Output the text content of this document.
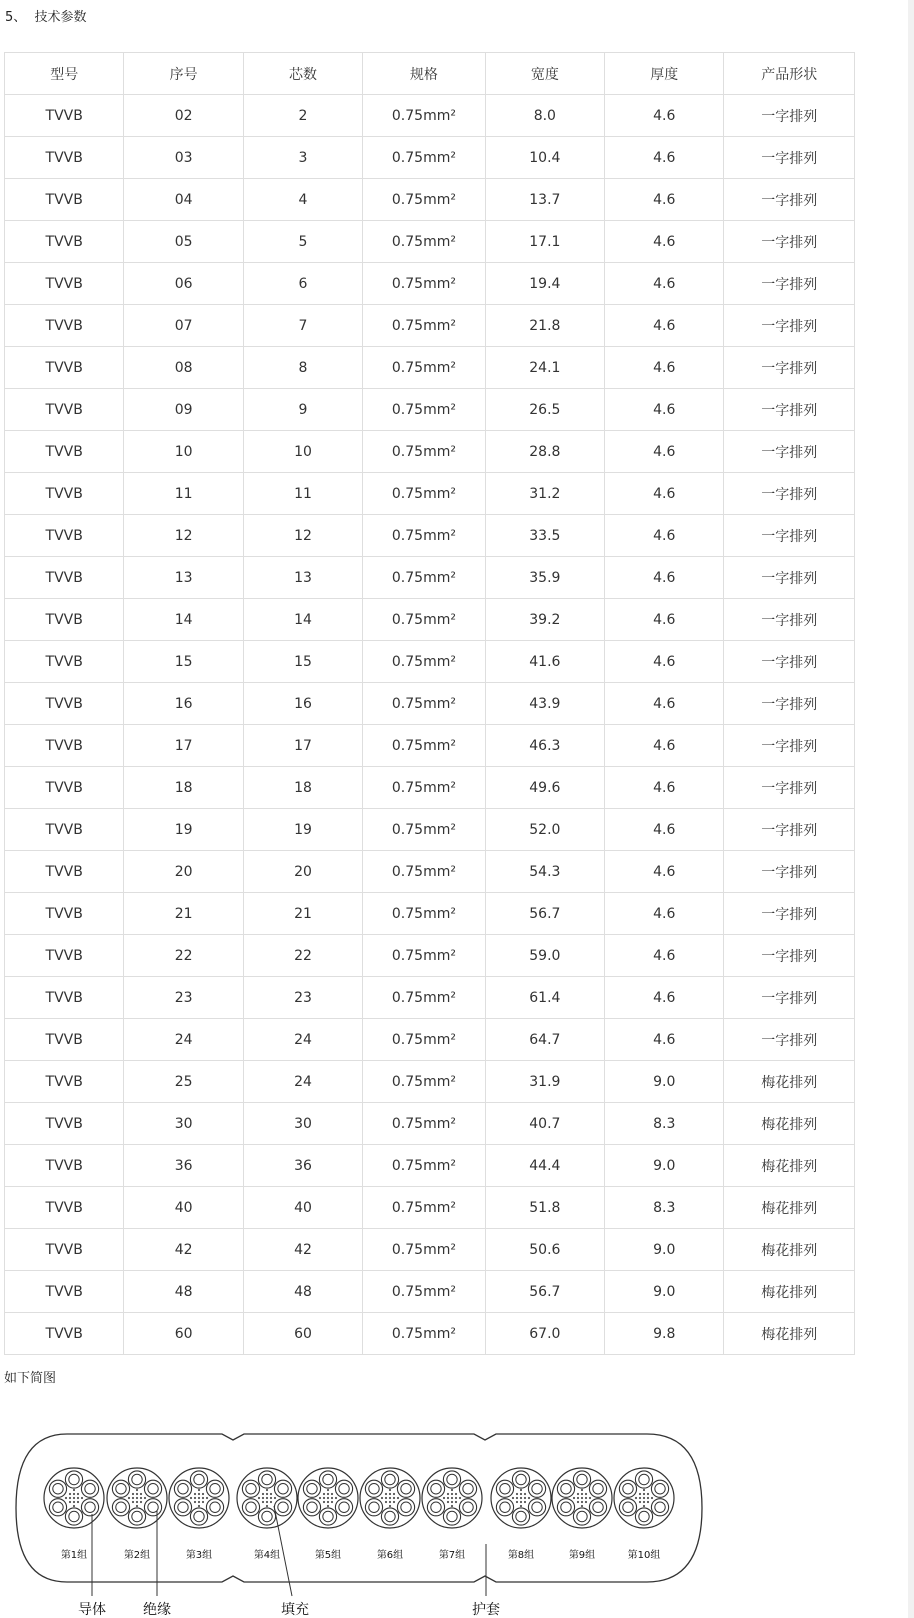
5、  技术参数
型号	序号	芯数	规格	宽度	厚度	产品形状
TVVB	02	2	0.75mm²	8.0	4.6	一字排列
TVVB	03	3	0.75mm²	10.4	4.6	一字排列
TVVB	04	4	0.75mm²	13.7	4.6	一字排列
TVVB	05	5	0.75mm²	17.1	4.6	一字排列
TVVB	06	6	0.75mm²	19.4	4.6	一字排列
TVVB	07	7	0.75mm²	21.8	4.6	一字排列
TVVB	08	8	0.75mm²	24.1	4.6	一字排列
TVVB	09	9	0.75mm²	26.5	4.6	一字排列
TVVB	10	10	0.75mm²	28.8	4.6	一字排列
TVVB	11	11	0.75mm²	31.2	4.6	一字排列
TVVB	12	12	0.75mm²	33.5	4.6	一字排列
TVVB	13	13	0.75mm²	35.9	4.6	一字排列
TVVB	14	14	0.75mm²	39.2	4.6	一字排列
TVVB	15	15	0.75mm²	41.6	4.6	一字排列
TVVB	16	16	0.75mm²	43.9	4.6	一字排列
TVVB	17	17	0.75mm²	46.3	4.6	一字排列
TVVB	18	18	0.75mm²	49.6	4.6	一字排列
TVVB	19	19	0.75mm²	52.0	4.6	一字排列
TVVB	20	20	0.75mm²	54.3	4.6	一字排列
TVVB	21	21	0.75mm²	56.7	4.6	一字排列
TVVB	22	22	0.75mm²	59.0	4.6	一字排列
TVVB	23	23	0.75mm²	61.4	4.6	一字排列
TVVB	24	24	0.75mm²	64.7	4.6	一字排列
TVVB	25	24	0.75mm²	31.9	9.0	梅花排列
TVVB	30	30	0.75mm²	40.7	8.3	梅花排列
TVVB	36	36	0.75mm²	44.4	9.0	梅花排列
TVVB	40	40	0.75mm²	51.8	8.3	梅花排列
TVVB	42	42	0.75mm²	50.6	9.0	梅花排列
TVVB	48	48	0.75mm²	56.7	9.0	梅花排列
TVVB	60	60	0.75mm²	67.0	9.8	梅花排列
如下简图
第1组	第2组	第3组	第4组	第5组	第6组	第7组	第8组	第9组	第10组
导体	绝缘	填充	护套
